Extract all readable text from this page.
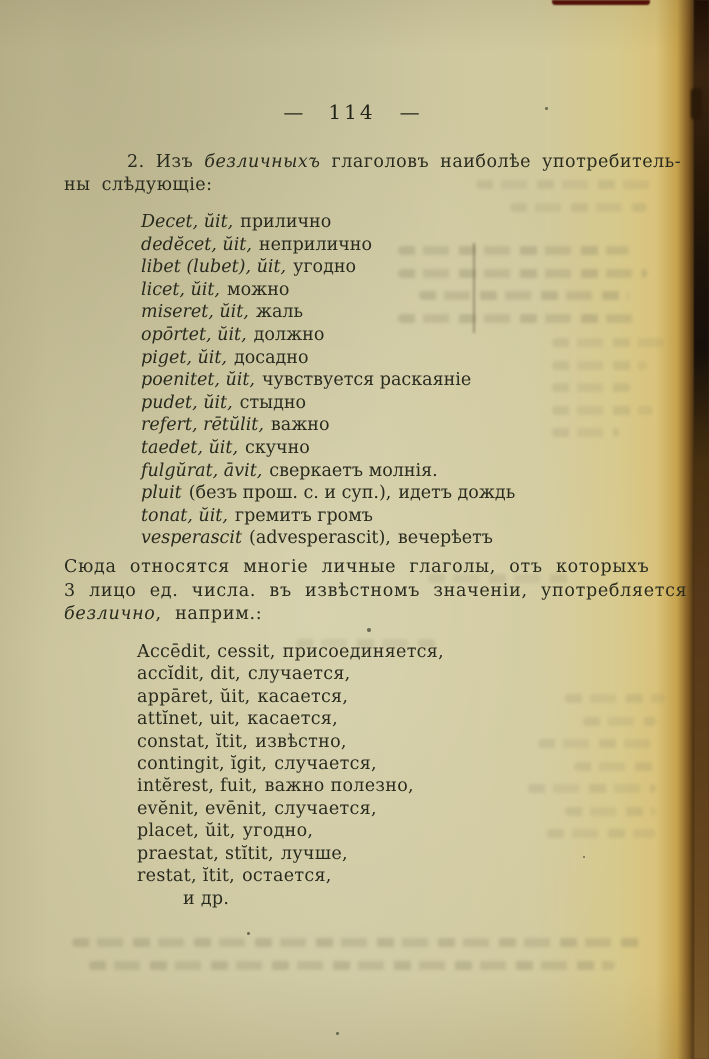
— 114 —

2. Изъ безличныхъ глаголовъ наиболѣе употребитель-
ны слѣдующіе:

Decet, ŭit, прилично
dedĕcet, ŭit, неприлично
libet (lubet), ŭit, угодно
licet, ŭit, можно
miseret, ŭit, жаль
opōrtet, ŭit, должно
piget, ŭit, досадно
poenitet, ŭit, чувствуется раскаяніе
pudet, ŭit, стыдно
refert, rētŭlit, важно
taedet, ŭit, скучно
fulgŭrat, āvit, сверкаетъ молнія.
pluit (безъ прош. с. и суп.), идетъ дождь
tonat, ŭit, гремитъ громъ
vesperascit (advesperascit), вечерѣетъ

Сюда относятся многіе личные глаголы, отъ которыхъ
3 лицо ед. числа. въ извѣстномъ значеніи, употребляется
безлично, наприм.:

Accēdit, cessit, присоединяется,
accĭdit, dit, случается,
appāret, ŭit, касается,
attĭnet, uit, касается,
constat, ĭtit, извѣстно,
contingit, ĭgit, случается,
intĕrest, fuit, важно полезно,
evĕnit, evēnit, случается,
placet, ŭit, угодно,
praestat, stĭtit, лучше,
restat, ĭtit, остается,
и др.
